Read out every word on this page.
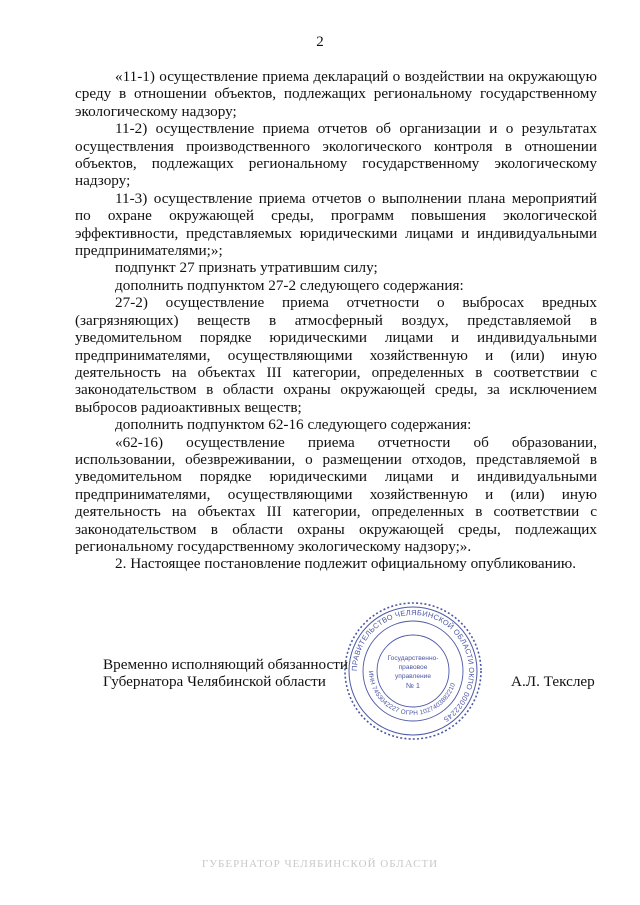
2

«11-1) осуществление приема деклараций о воздействии на окружающую среду в отношении объектов, подлежащих региональному государственному экологическому надзору;

11-2) осуществление приема отчетов об организации и о результатах осуществления производственного экологического контроля в отношении объектов, подлежащих региональному государственному экологическому надзору;

11-3) осуществление приема отчетов о выполнении плана мероприятий по охране окружающей среды, программ повышения экологической эффективности, представляемых юридическими лицами и индивидуальными предпринимателями;»;

подпункт 27 признать утратившим силу;

дополнить подпунктом 27-2 следующего содержания:

27-2) осуществление приема отчетности о выбросах вредных (загрязняющих) веществ в атмосферный воздух, представляемой в уведомительном порядке юридическими лицами и индивидуальными предпринимателями, осуществляющими хозяйственную и (или) иную деятельность на объектах III категории, определенных в соответствии с законодательством в области охраны окружающей среды, за исключением выбросов радиоактивных веществ;

дополнить подпунктом 62-16 следующего содержания:

«62-16) осуществление приема отчетности об образовании, использовании, обезвреживании, о размещении отходов, представляемой в уведомительном порядке юридическими лицами и индивидуальными предпринимателями, осуществляющими хозяйственную и (или) иную деятельность на объектах III категории, определенных в соответствии с законодательством в области охраны окружающей среды, подлежащих региональному государственному экологическому надзору;».

2. Настоящее постановление подлежит официальному опубликованию.

Временно исполняющий обязанности
Губернатора Челябинской области
ПРАВИТЕЛЬСТВО ЧЕЛЯБИНСКОЙ ОБЛАСТИ ОКПО 00022245
ИНН 7453042227 ОГРН 1027403882210
Государственно-
правовое
управление
№ 1	А.Л. Текслер
ГУБЕРНАТОР ЧЕЛЯБИНСКОЙ ОБЛАСТИ
